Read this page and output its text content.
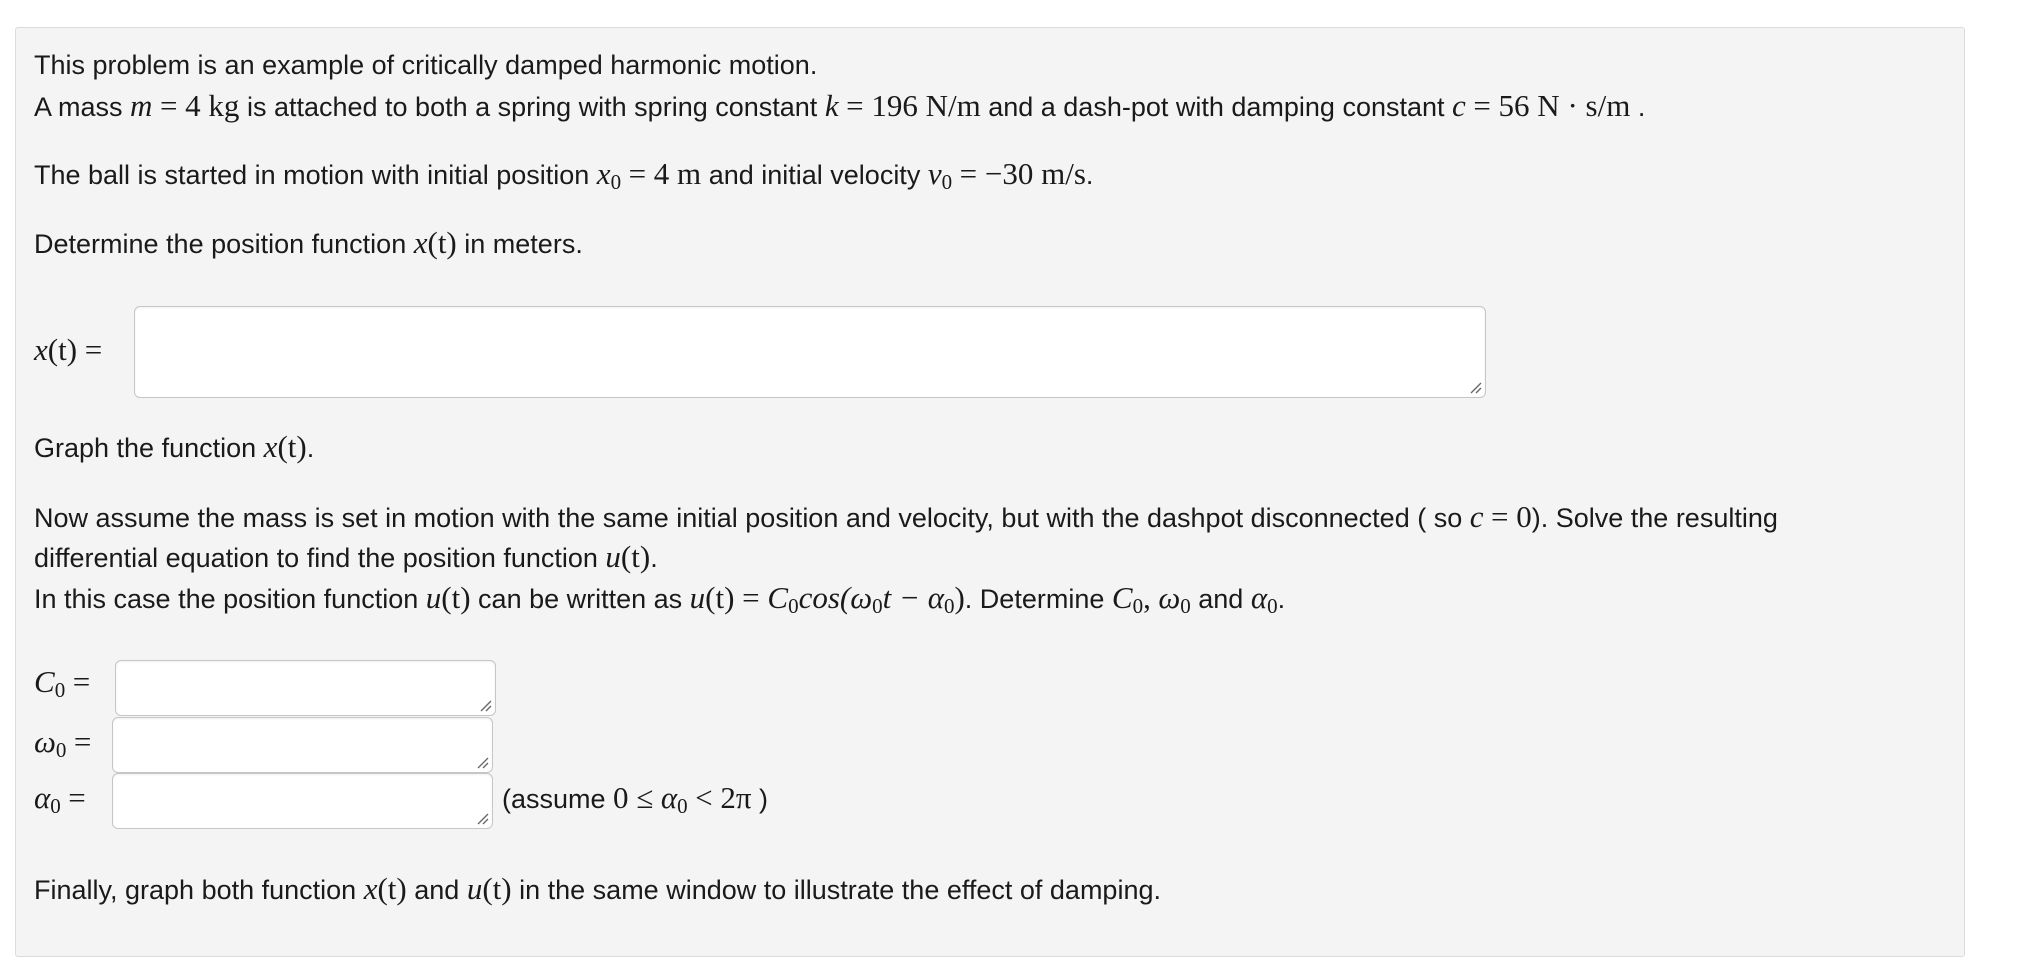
This problem is an example of critically damped harmonic motion.
A mass m = 4 kg is attached to both a spring with spring constant k = 196 N/m and a dash-pot with damping constant c = 56 N · s/m .
The ball is started in motion with initial position $x_0 = 4$ m and initial velocity $v_0 = -30$ m/s.
Determine the position function x(t) in meters.
x(t) =
Graph the function x(t).
Now assume the mass is set in motion with the same initial position and velocity, but with the dashpot disconnected ( so c = 0). Solve the resulting
differential equation to find the position function u(t).
In this case the position function u(t) can be written as $u(t) = C_0\cos(\omega_0t - \alpha_0)$. Determine $C_0$, $\omega_0$ and $\alpha_0$.
$C_0$ =
$\omega_0$ =
$\alpha_0$ =	(assume $0 \le \alpha_0 < 2\pi$ )
Finally, graph both function x(t) and u(t) in the same window to illustrate the effect of damping.
